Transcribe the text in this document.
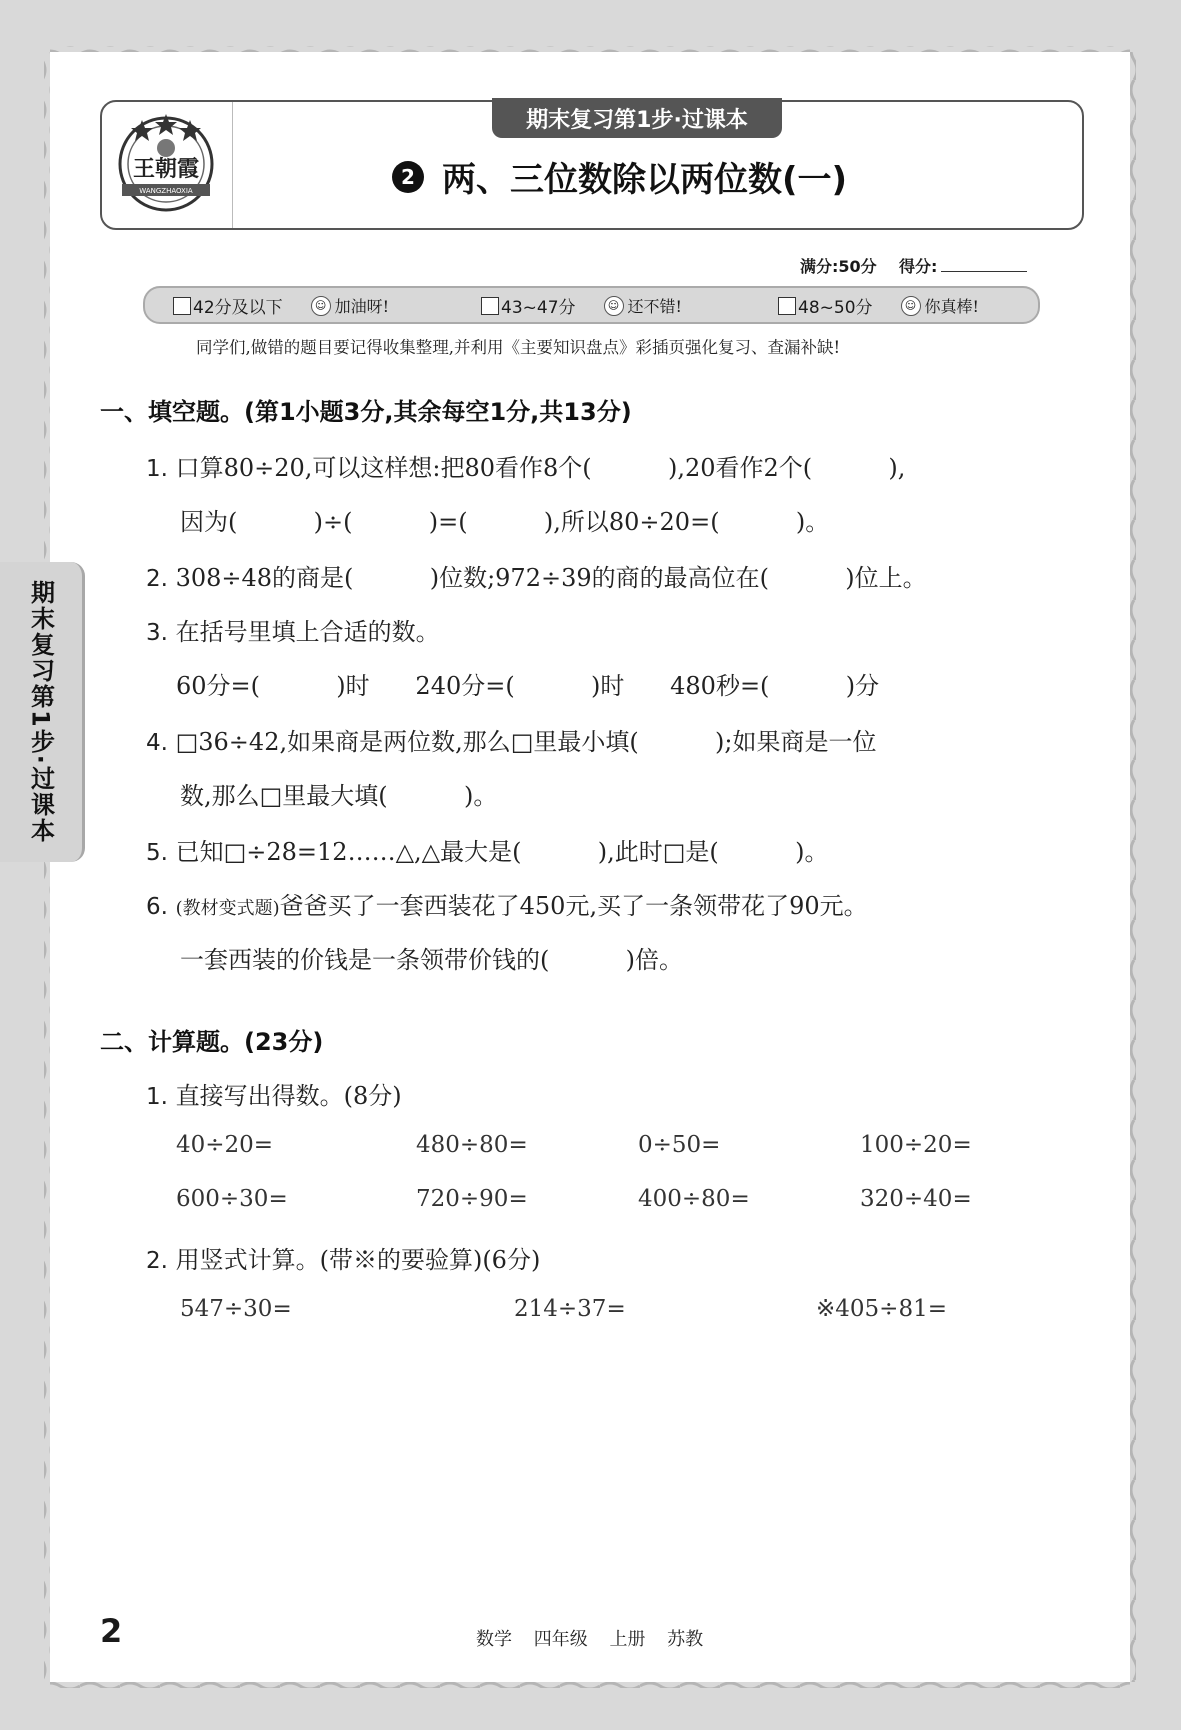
期末复习第1步·过课本
王朝霞
WANGZHAOXIA
期末复习第1步·过课本
2 两、三位数除以两位数(一)
满分:50分 得分:
42分及以下	☺ 加油呀!	43~47分	☺ 还不错!	48~50分	☺ 你真棒!
同学们,做错的题目要记得收集整理,并利用《主要知识盘点》彩插页强化复习、查漏补缺!
一、填空题。(第1小题3分,其余每空1分,共13分)
1. 口算80÷20,可以这样想:把80看作8个(          ),20看作2个(          ),
因为(          )÷(          )=(          ),所以80÷20=(          )。
2. 308÷48的商是(          )位数;972÷39的商的最高位在(          )位上。
3. 在括号里填上合适的数。
60分=(          )时      240分=(          )时      480秒=(          )分
4. □36÷42,如果商是两位数,那么□里最小填(          );如果商是一位
数,那么□里最大填(          )。
5. 已知□÷28=12……△,△最大是(          ),此时□是(          )。
6. (教材变式题)爸爸买了一套西装花了450元,买了一条领带花了90元。
一套西装的价钱是一条领带价钱的(          )倍。
二、计算题。(23分)
1. 直接写出得数。(8分)
40÷20=	480÷80=	0÷50=	100÷20=
600÷30=	720÷90=	400÷80=	320÷40=
2. 用竖式计算。(带※的要验算)(6分)
547÷30=	214÷37=	※405÷81=
2	数学 四年级 上册 苏教
